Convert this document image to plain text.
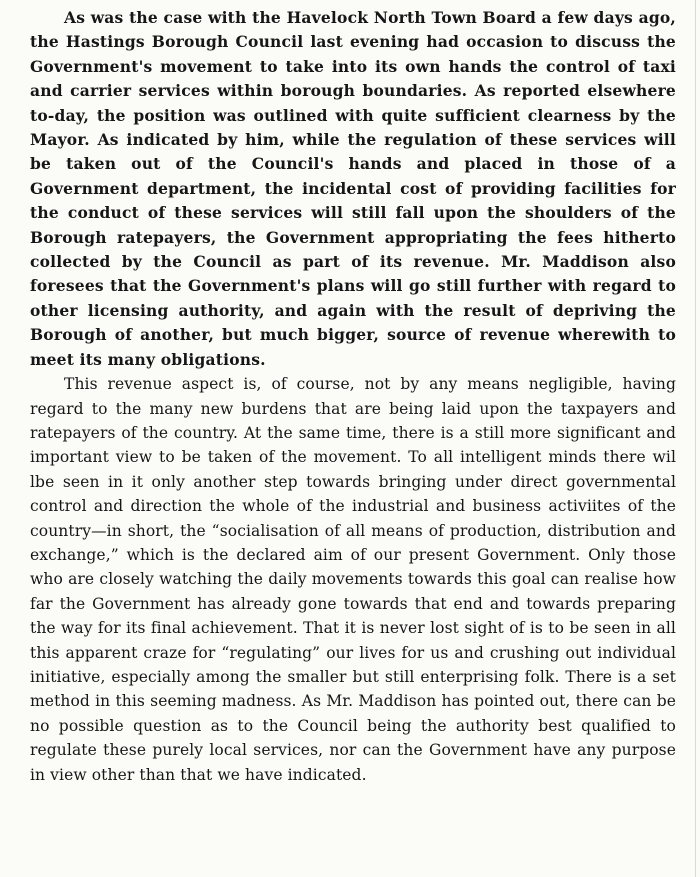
As was the case with the Havelock North Town Board a few days ago, the Hastings Borough Council last evening had occasion to discuss the Government's movement to take into its own hands the control of taxi and carrier services within borough boundaries. As reported elsewhere to-day, the position was outlined with quite sufficient clearness by the Mayor. As indicated by him, while the regulation of these services will be taken out of the Council's hands and placed in those of a Government department, the incidental cost of providing facilities for the conduct of these services will still fall upon the shoulders of the Borough ratepayers, the Government appropriating the fees hitherto collected by the Council as part of its revenue. Mr. Maddison also foresees that the Government's plans will go still further with regard to other licensing authority, and again with the result of depriving the Borough of another, but much bigger, source of revenue wherewith to meet its many obligations.

This revenue aspect is, of course, not by any means negligible, having regard to the many new burdens that are being laid upon the taxpayers and ratepayers of the country. At the same time, there is a still more significant and important view to be taken of the movement. To all intelligent minds there wil lbe seen in it only another step towards bringing under direct governmental control and direction the whole of the industrial and business activiites of the country—in short, the “socialisation of all means of production, distribution and exchange,” which is the declared aim of our present Government. Only those who are closely watching the daily movements towards this goal can realise how far the Government has already gone towards that end and towards preparing the way for its final achievement. That it is never lost sight of is to be seen in all this apparent craze for “regulating” our lives for us and crushing out individual initiative, especially among the smaller but still enterprising folk. There is a set method in this seeming madness. As Mr. Maddison has pointed out, there can be no possible question as to the Council being the authority best qualified to regulate these purely local services, nor can the Government have any purpose in view other than that we have indicated.
